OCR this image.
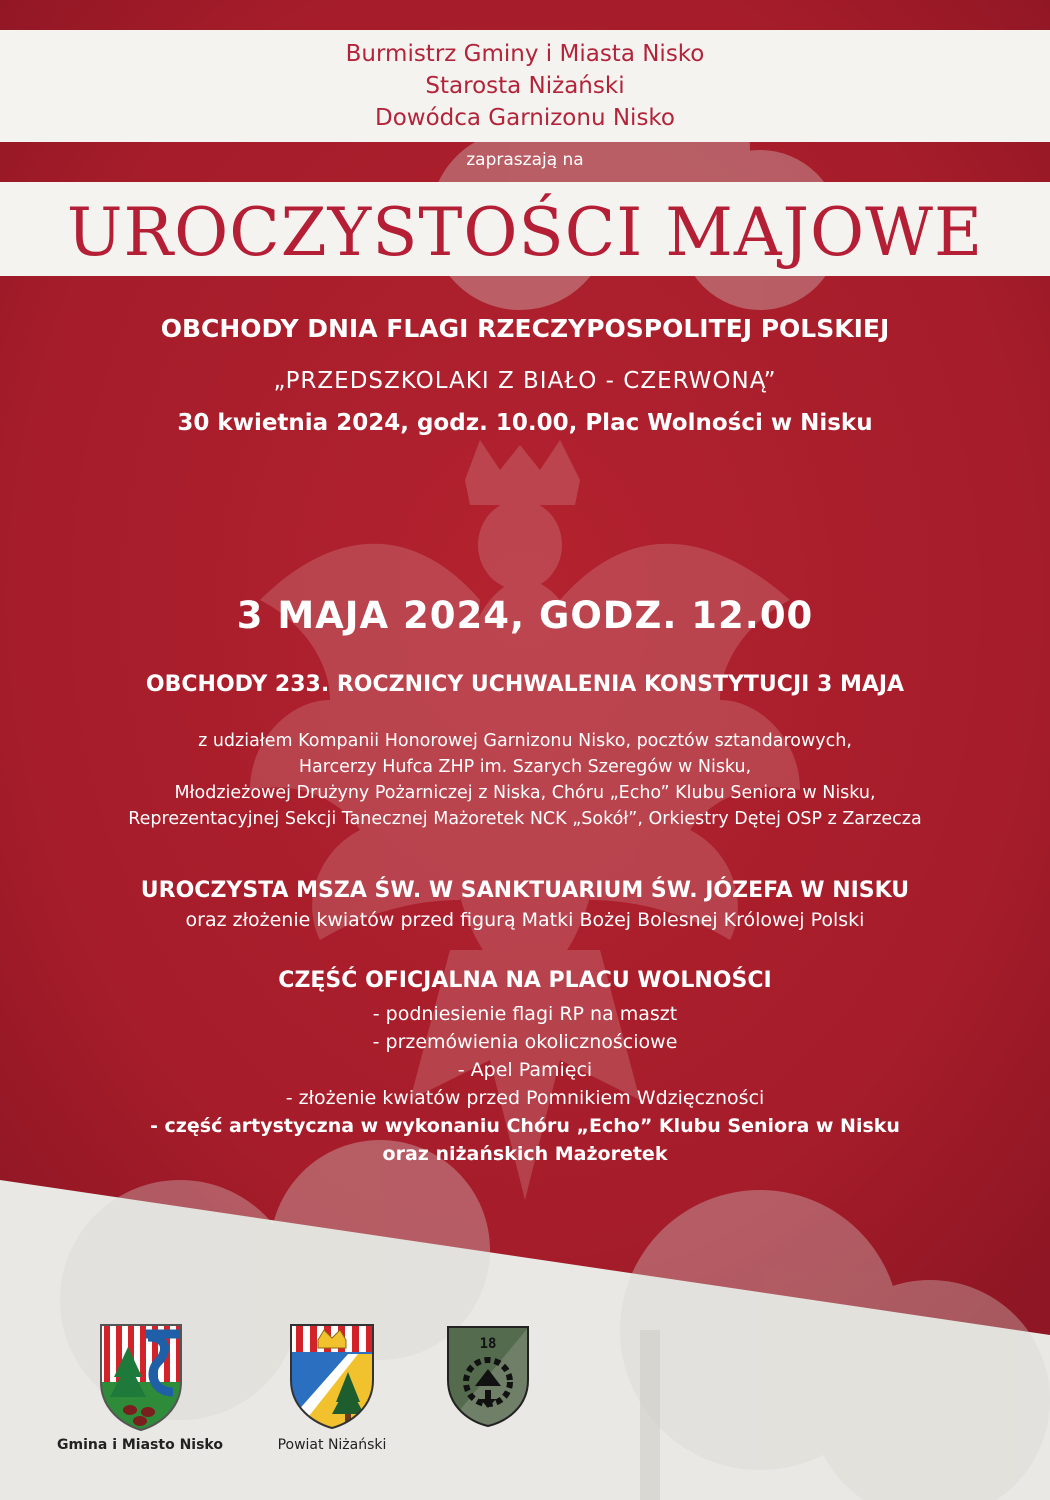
Burmistrz Gminy i Miasta Nisko
Starosta Niżański
Dowódca Garnizonu Nisko
zapraszają na
UROCZYSTOŚCI MAJOWE
OBCHODY DNIA FLAGI RZECZYPOSPOLITEJ POLSKIEJ
„PRZEDSZKOLAKI Z BIAŁO - CZERWONĄ”
30 kwietnia 2024, godz. 10.00, Plac Wolności w Nisku
3 MAJA 2024, GODZ. 12.00
OBCHODY 233. ROCZNICY UCHWALENIA KONSTYTUCJI 3 MAJA
z udziałem Kompanii Honorowej Garnizonu Nisko, pocztów sztandarowych,
Harcerzy Hufca ZHP im. Szarych Szeregów w Nisku,
Młodzieżowej Drużyny Pożarniczej z Niska, Chóru „Echo” Klubu Seniora w Nisku,
Reprezentacyjnej Sekcji Tanecznej Mażoretek NCK „Sokół”, Orkiestry Dętej OSP z Zarzecza
UROCZYSTA MSZA ŚW. W SANKTUARIUM ŚW. JÓZEFA W NISKU
oraz złożenie kwiatów przed figurą Matki Bożej Bolesnej Królowej Polski
CZĘŚĆ OFICJALNA NA PLACU WOLNOŚCI
- podniesienie flagi RP na maszt
- przemówienia okolicznościowe
- Apel Pamięci
- złożenie kwiatów przed Pomnikiem Wdzięczności
- część artystyczna w wykonaniu Chóru „Echo” Klubu Seniora w Nisku
oraz niżańskich Mażoretek
Gmina i Miasto Nisko	Powiat Niżański
18
